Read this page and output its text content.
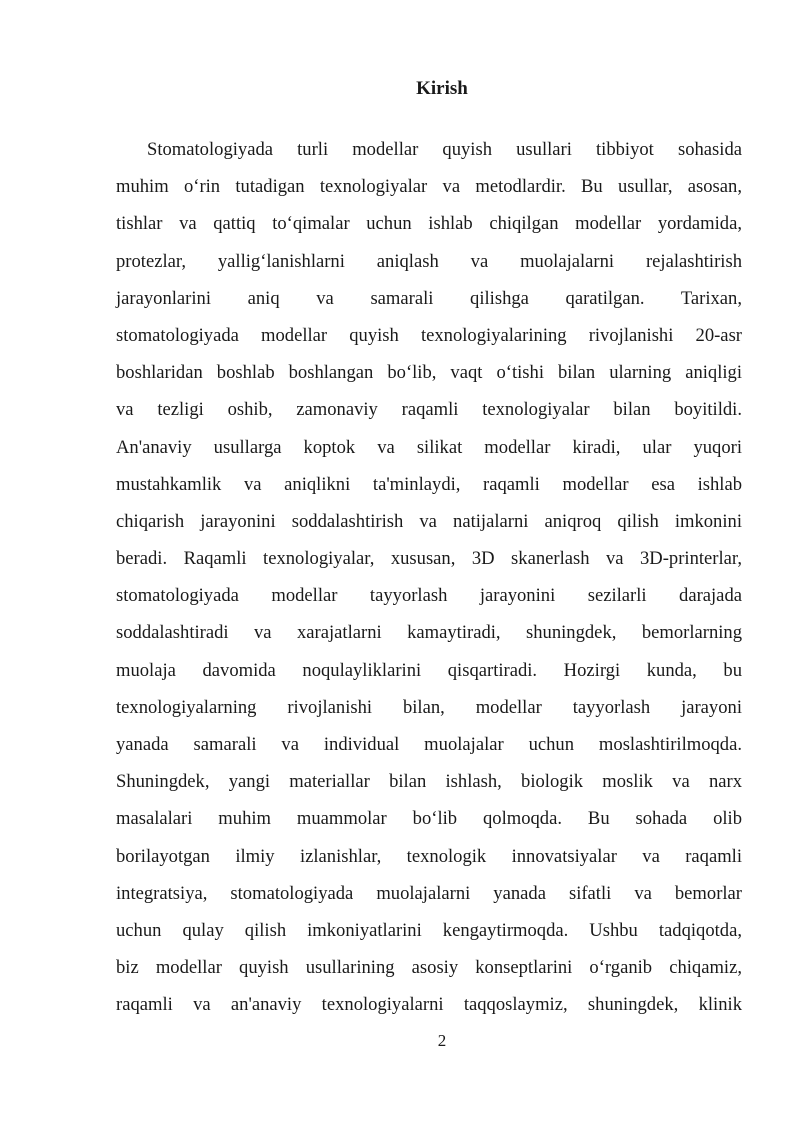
Kirish
Stomatologiyada turli modellar quyish usullari tibbiyot sohasida
muhim o‘rin tutadigan texnologiyalar va metodlardir. Bu usullar, asosan,
tishlar va qattiq to‘qimalar uchun ishlab chiqilgan modellar yordamida,
protezlar, yallig‘lanishlarni aniqlash va muolajalarni rejalashtirish
jarayonlarini aniq va samarali qilishga qaratilgan. Tarixan,
stomatologiyada modellar quyish texnologiyalarining rivojlanishi 20-asr
boshlaridan boshlab boshlangan bo‘lib, vaqt o‘tishi bilan ularning aniqligi
va tezligi oshib, zamonaviy raqamli texnologiyalar bilan boyitildi.
An'anaviy usullarga koptok va silikat modellar kiradi, ular yuqori
mustahkamlik va aniqlikni ta'minlaydi, raqamli modellar esa ishlab
chiqarish jarayonini soddalashtirish va natijalarni aniqroq qilish imkonini
beradi. Raqamli texnologiyalar, xususan, 3D skanerlash va 3D-printerlar,
stomatologiyada modellar tayyorlash jarayonini sezilarli darajada
soddalashtiradi va xarajatlarni kamaytiradi, shuningdek, bemorlarning
muolaja davomida noqulayliklarini qisqartiradi. Hozirgi kunda, bu
texnologiyalarning rivojlanishi bilan, modellar tayyorlash jarayoni
yanada samarali va individual muolajalar uchun moslashtirilmoqda.
Shuningdek, yangi materiallar bilan ishlash, biologik moslik va narx
masalalari muhim muammolar bo‘lib qolmoqda. Bu sohada olib
borilayotgan ilmiy izlanishlar, texnologik innovatsiyalar va raqamli
integratsiya, stomatologiyada muolajalarni yanada sifatli va bemorlar
uchun qulay qilish imkoniyatlarini kengaytirmoqda. Ushbu tadqiqotda,
biz modellar quyish usullarining asosiy konseptlarini o‘rganib chiqamiz,
raqamli va an'anaviy texnologiyalarni taqqoslaymiz, shuningdek, klinik
2
